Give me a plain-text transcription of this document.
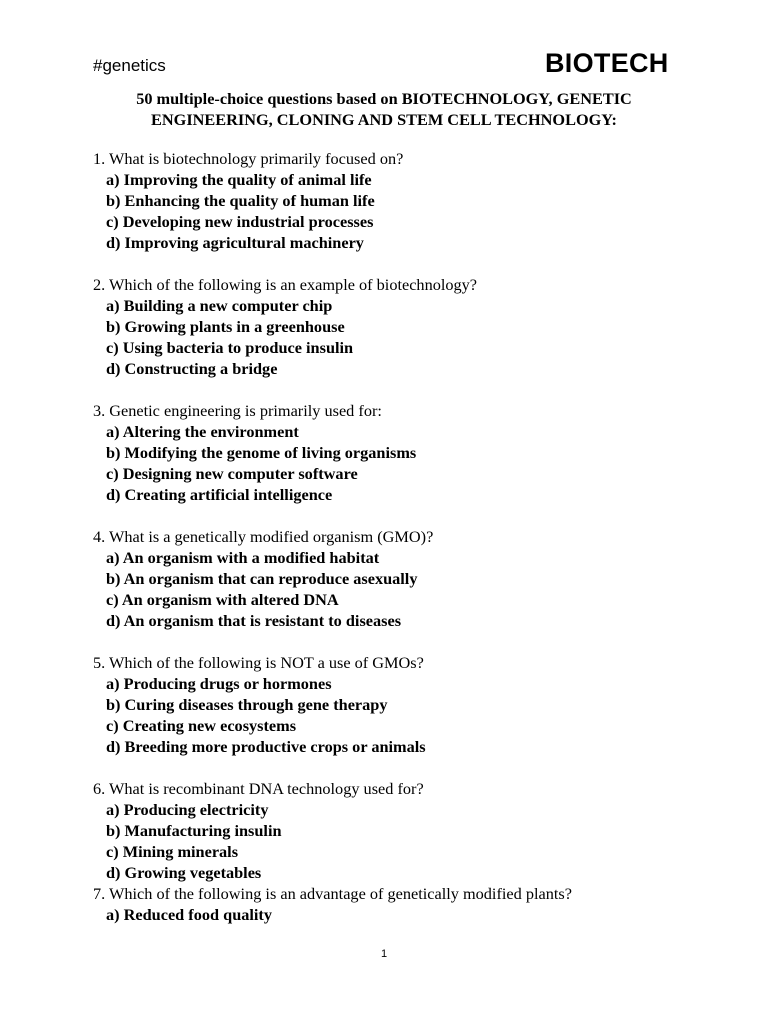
#genetics	BIOTECH
50 multiple-choice questions based on BIOTECHNOLOGY, GENETIC
ENGINEERING, CLONING AND STEM CELL TECHNOLOGY:
1. What is biotechnology primarily focused on?
a) Improving the quality of animal life
b) Enhancing the quality of human life
c) Developing new industrial processes
d) Improving agricultural machinery
2. Which of the following is an example of biotechnology?
a) Building a new computer chip
b) Growing plants in a greenhouse
c) Using bacteria to produce insulin
d) Constructing a bridge
3. Genetic engineering is primarily used for:
a) Altering the environment
b) Modifying the genome of living organisms
c) Designing new computer software
d) Creating artificial intelligence
4. What is a genetically modified organism (GMO)?
a) An organism with a modified habitat
b) An organism that can reproduce asexually
c) An organism with altered DNA
d) An organism that is resistant to diseases
5. Which of the following is NOT a use of GMOs?
a) Producing drugs or hormones
b) Curing diseases through gene therapy
c) Creating new ecosystems
d) Breeding more productive crops or animals
6. What is recombinant DNA technology used for?
a) Producing electricity
b) Manufacturing insulin
c) Mining minerals
d) Growing vegetables
7. Which of the following is an advantage of genetically modified plants?
a) Reduced food quality
1
